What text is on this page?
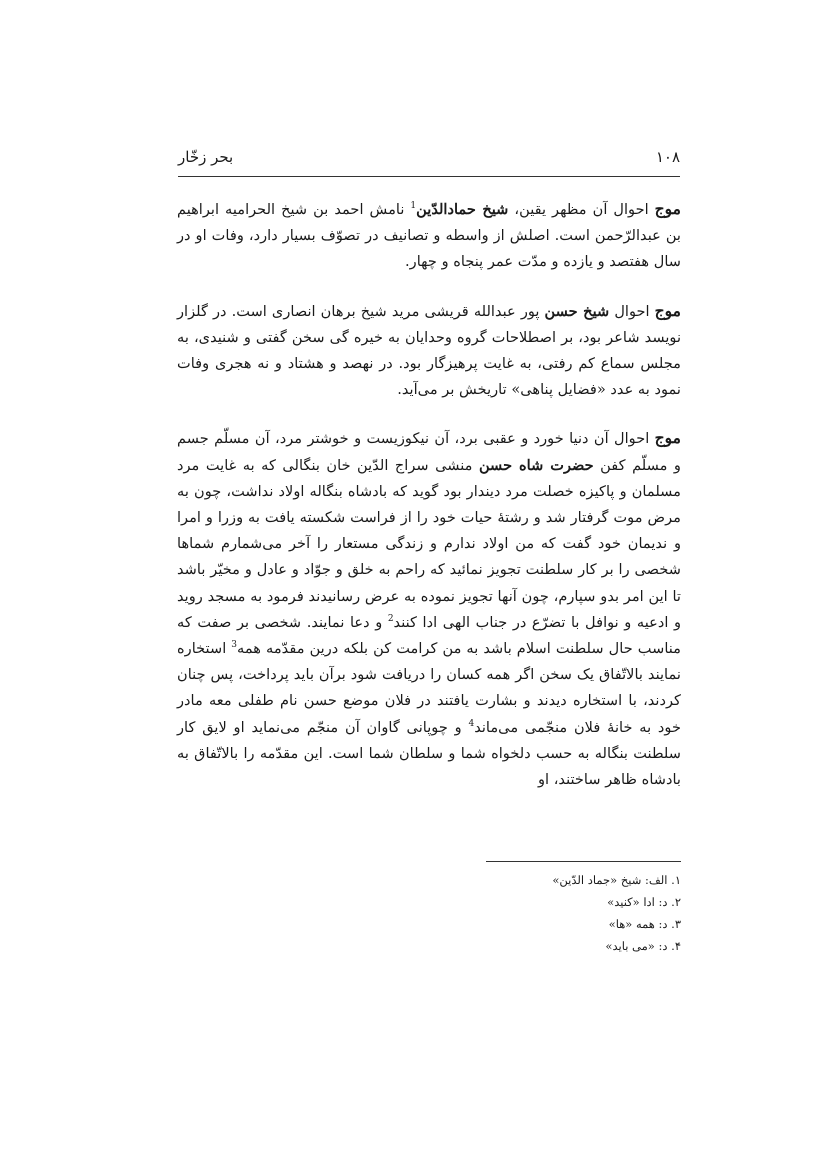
۱۰۸
بحر زخّار

موج احوال آن مظهر یقین، شیخ حمادالدّین$^1$ نامش احمد بن شیخ الحرامیه ابراهیم بن عبدالرّحمن است. اصلش از واسطه و تصانیف در تصوّف بسیار دارد، وفات او در سال هفتصد و یازده و مدّت عمر پنجاه و چهار.

موج احوال شیخ حسن پور عبدالله قریشی مرید شیخ برهان انصاری است. در گلزار نویسد شاعر بود، بر اصطلاحات گروه وحدایان به خیره گی سخن گفتی و شنیدی، به مجلس سماع کم رفتی، به غایت پرهیزگار بود. در نهصد و هشتاد و نه هجری وفات نمود به عدد «فضایل پناهی» تاریخش بر می‌آید.

موج احوال آن دنیا خورد و عقبی برد، آن نیکوزیست و خوشتر مرد، آن مسلّم جسم و مسلّم کفن حضرت شاه حسن منشی سراج الدّین خان بنگالی که به غایت مرد مسلمان و پاکیزه خصلت مرد دیندار بود گوید که بادشاه بنگاله اولاد نداشت، چون به مرض موت گرفتار شد و رشتهٔ حیات خود را از فراست شکسته یافت به وزرا و امرا و ندیمان خود گفت که من اولاد ندارم و زندگی مستعار را آخر می‌شمارم شماها شخصی را بر کار سلطنت تجویز نمائید که راحم به خلق و جوّاد و عادل و مخیّر باشد تا این امر بدو سپارم، چون آنها تجویز نموده به عرض رسانیدند فرمود به مسجد روید و ادعیه و نوافل با تضرّع در جناب الهی ادا کنند$^2$ و دعا نمایند. شخصی بر صفت که مناسب حال سلطنت اسلام باشد به من کرامت کن بلکه درین مقدّمه همه$^3$ استخاره نمایند بالاتّفاق یک سخن اگر همه کسان را دریافت شود برآن باید پرداخت، پس چنان کردند، با استخاره دیدند و بشارت یافتند در فلان موضع حسن نام طفلی معه مادر خود به خانهٔ فلان منجّمی می‌ماند$^4$ و چوپانی گاوان آن منجّم می‌نماید او لایق کار سلطنت بنگاله به حسب دلخواه شما و سلطان شما است. این مقدّمه را بالاتّفاق به بادشاه ظاهر ساختند، او

۱. الف: شیخ «جماد الدّین»
۲. د: ادا «کنید»
۳. د: همه «ها»
۴. د: «می باید»
